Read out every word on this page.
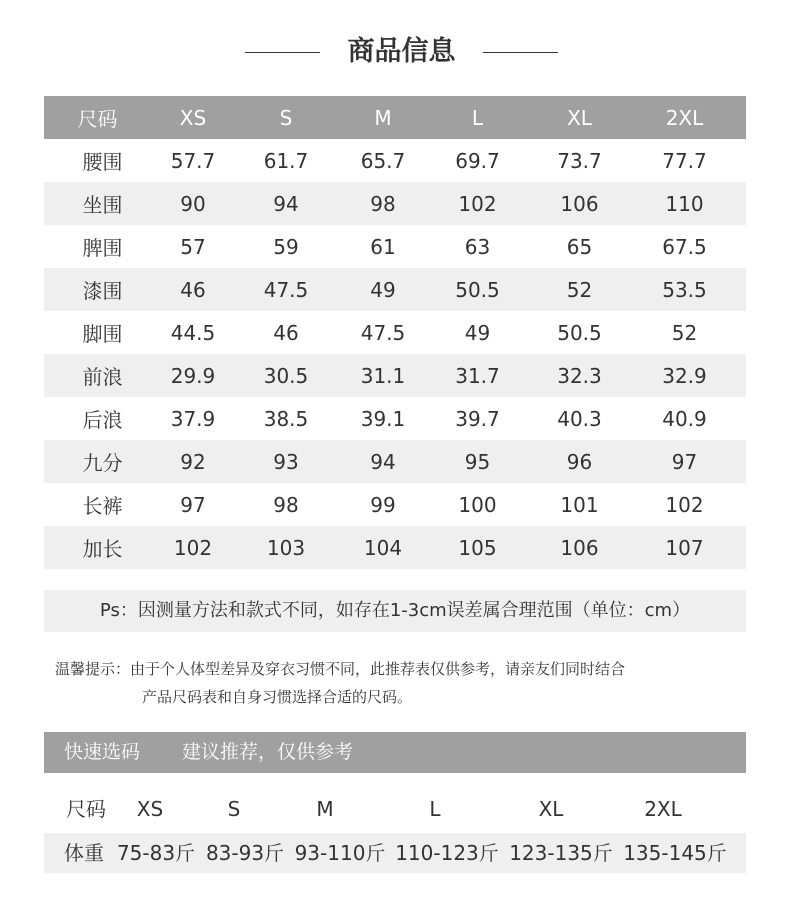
商品信息
尺码	XS	S	M	L	XL	2XL
腰围	57.7	61.7	65.7	69.7	73.7	77.7
坐围	90	94	98	102	106	110
脾围	57	59	61	63	65	67.5
漆围	46	47.5	49	50.5	52	53.5
脚围	44.5	46	47.5	49	50.5	52
前浪	29.9	30.5	31.1	31.7	32.3	32.9
后浪	37.9	38.5	39.1	39.7	40.3	40.9
九分	92	93	94	95	96	97
长裤	97	98	99	100	101	102
加长	102	103	104	105	106	107
Ps：因测量方法和款式不同，如存在1-3cm误差属合理范围（单位：cm）
温馨提示：由于个人体型差异及穿衣习惯不同，此推荐表仅供参考，请亲友们同时结合
产品尺码表和自身习惯选择合适的尺码。
快速选码 建议推荐，仅供参考
尺码 XS	S	M	L	XL	2XL
体重 75-83斤 83-93斤 93-110斤 110-123斤 123-135斤 135-145斤
